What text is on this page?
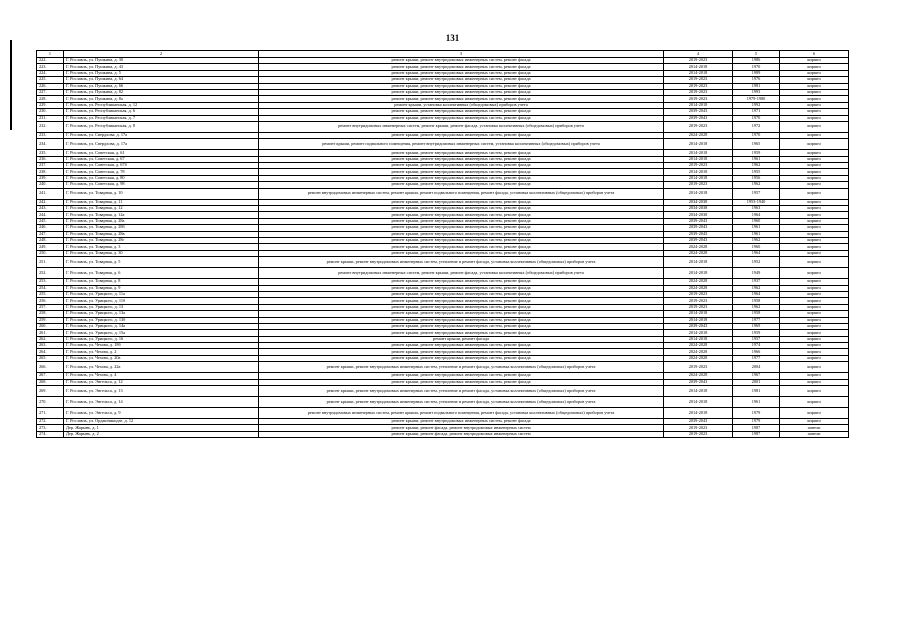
131
1	2	3	4	5	6
222.	Г. Рославль, ул. Пушкина, д. 30	ремонт крыши, ремонт внутридомовых инженерных систем, ремонт фасада	2019-2023	1986	кирпич
223.	Г. Рославль, ул. Пушкина, д. 43	ремонт крыши, ремонт внутридомовых инженерных систем, ремонт фасада	2014-2018	1970	кирпич
224.	Г. Рославль, ул. Пушкина, д. 5	ремонт крыши, ремонт внутридомовых инженерных систем, ремонт фасада	2014-2018	1989	кирпич
225.	Г. Рославль, ул. Пушкина, д. 64	ремонт крыши, ремонт внутридомовых инженерных систем, ремонт фасада	2019-2023	1976	кирпич
226.	Г. Рославль, ул. Пушкина, д. 66	ремонт крыши, ремонт внутридомовых инженерных систем, ремонт фасада	2019-2023	1981	кирпич
227.	Г. Рославль, ул. Пушкина, д. 82	ремонт крыши, ремонт внутридомовых инженерных систем, ремонт фасада	2019-2023	1993	кирпич
228.	Г. Рославль, ул. Пушкина, д. 8а	ремонт крыши, ремонт внутридомовых инженерных систем, ремонт фасада	2019-2023	1979-1980	кирпич
229.	Г. Рославль, ул. Республиканская, д. 12	ремонт крыши, установка коллективных (общедомовых) приборов учета	2014-2018	1992	кирпич
230.	Г. Рославль, ул. Республиканская, д. 6	ремонт крыши, ремонт внутридомовых инженерных систем, ремонт фасада	2039-2043	1971	кирпич
231.	Г. Рославль, ул. Республиканская, д. 7	ремонт крыши, ремонт внутридомовых инженерных систем, ремонт фасада	2039-2043	1970	кирпич
232.	Г. Рославль, ул. Республиканская, д. 8	ремонт внутридомовых инженерных систем, ремонт крыши, ремонт фасада, установка коллективных (общедомовых) приборов учета	2019-2023	1972	кирпич
233.	Г. Рославль, ул. Свердлова, д. 17а	ремонт крыши, ремонт внутридомовых инженерных систем, ремонт фасада	2024-2028	1970	кирпич
234.	Г. Рославль, ул. Свердлова, д. 17а	ремонт крыши, ремонт подвального помещения, ремонт внутридомовых инженерных систем, установка коллективных (общедомовых) приборов учета	2014-2018	1965	кирпич
235.	Г. Рославль, ул. Советская, д. 61	ремонт крыши, ремонт внутридомовых инженерных систем, ремонт фасада	2014-2018	1959	кирпич
236.	Г. Рославль, ул. Советская, д. 67	ремонт крыши, ремонт внутридомовых инженерных систем, ремонт фасада	2014-2018	1961	кирпич
237.	Г. Рославль, ул. Советская, д. 67б	ремонт крыши, ремонт внутридомовых инженерных систем, ремонт фасада	2019-2023	1962	кирпич
238.	Г. Рославль, ул. Советская, д. 78	ремонт крыши, ремонт внутридомовых инженерных систем, ремонт фасада	2014-2018	1955	кирпич
239.	Г. Рославль, ул. Советская, д. 80	ремонт крыши, ремонт внутридомовых инженерных систем, ремонт фасада	2014-2018	1956	кирпич
240.	Г. Рославль, ул. Советская, д. 98	ремонт крыши, ремонт внутридомовых инженерных систем, ремонт фасада	2019-2023	1962	кирпич
241.	Г. Рославль, ул. Товарная, д. 10	ремонт внутридомовых инженерных систем, ремонт крыши, ремонт подвального помещения, ремонт фасада, установка коллективных (общедомовых) приборов учета	2014-2018	1957	кирпич
242.	Г. Рославль, ул. Товарная, д. 11	ремонт крыши, ремонт внутридомовых инженерных систем, ремонт фасада	2034-2038	1953-1940	кирпич
243.	Г. Рославль, ул. Товарная, д. 12	ремонт крыши, ремонт внутридомовых инженерных систем, ремонт фасада	2034-2038	1963	кирпич
244.	Г. Рославль, ул. Товарная, д. 12а	ремонт крыши, ремонт внутридомовых инженерных систем, ремонт фасада	2034-2038	1964	кирпич
245.	Г. Рославль, ул. Товарная, д. 28а	ремонт крыши, ремонт внутридомовых инженерных систем, ремонт фасада	2039-2043	1960	кирпич
246.	Г. Рославль, ул. Товарная, д. 28б	ремонт крыши, ремонт внутридомовых инженерных систем, ремонт фасада	2039-2043	1961	кирпич
247.	Г. Рославль, ул. Товарная, д. 28в	ремонт крыши, ремонт внутридомовых инженерных систем, ремонт фасада	2039-2043	1961	кирпич
248.	Г. Рославль, ул. Товарная, д. 28г	ремонт крыши, ремонт внутридомовых инженерных систем, ремонт фасада	2039-2043	1962	кирпич
249.	Г. Рославль, ул. Товарная, д. 3	ремонт крыши, ремонт внутридомовых инженерных систем, ремонт фасада	2024-2028	1960	кирпич
250.	Г. Рославль, ул. Товарная, д. 30	ремонт крыши, ремонт внутридомовых инженерных систем, ремонт фасада	2024-2028	1964	кирпич
251.	Г. Рославль, ул. Товарная, д. 5	ремонт крыши, ремонт внутридомовых инженерных систем, утепление и ремонт фасада, установка коллективных (общедомовых) приборов учета	2014-2018	1952	кирпич
252.	Г. Рославль, ул. Товарная, д. 6	ремонт внутридомовых инженерных систем, ремонт крыши, ремонт фасада, установка коллективных (общедомовых) приборов учета	2014-2018	1949	кирпич
253.	Г. Рославль, ул. Товарная, д. 8	ремонт крыши, ремонт внутридомовых инженерных систем, ремонт фасада	2024-2028	1937	кирпич
254.	Г. Рославль, ул. Товарная, д. 9	ремонт крыши, ремонт внутридомовых инженерных систем, ремонт фасада	2024-2028	1962	кирпич
255.	Г. Рославль, ул. Урицкого, д. 11а	ремонт крыши, ремонт внутридомовых инженерных систем, ремонт фасада	2019-2023	1964	кирпич
256.	Г. Рославль, ул. Урицкого, д. 11б	ремонт крыши, ремонт внутридомовых инженерных систем, ремонт фасада	2019-2023	1958	кирпич
257.	Г. Рославль, ул. Урицкого, д. 13	ремонт крыши, ремонт внутридомовых инженерных систем, ремонт фасада	2019-2023	1962	кирпич
258.	Г. Рославль, ул. Урицкого, д. 13а	ремонт крыши, ремонт внутридомовых инженерных систем, ремонт фасада	2014-2018	1958	кирпич
259.	Г. Рославль, ул. Урицкого, д. 13б	ремонт крыши, ремонт внутридомовых инженерных систем, ремонт фасада	2014-2018	1977	кирпич
260.	Г. Рославль, ул. Урицкого, д. 14а	ремонт крыши, ремонт внутридомовых инженерных систем, ремонт фасада	2039-2043	1969	кирпич
261.	Г. Рославль, ул. Урицкого, д. 15а	ремонт крыши, ремонт внутридомовых инженерных систем, ремонт фасада	2014-2018	1959	кирпич
262.	Г. Рославль, ул. Урицкого, д. 16	ремонт крыши, ремонт фасада	2014-2018	1957	кирпич
263.	Г. Рославль, ул. Чехова, д. 18б	ремонт крыши, ремонт внутридомовых инженерных систем, ремонт фасада	2024-2028	1974	кирпич
264.	Г. Рославль, ул. Чехова, д. 2	ремонт крыши, ремонт внутридомовых инженерных систем, ремонт фасада	2024-2028	1966	кирпич
265.	Г. Рославль, ул. Чехова, д. 20а	ремонт крыши, ремонт внутридомовых инженерных систем, ремонт фасада	2024-2028	1977	кирпич
266.	Г. Рославль, ул. Чехова, д. 22а	ремонт крыши, ремонт внутридомовых инженерных систем, утепление и ремонт фасада, установка коллективных (общедомовых) приборов учета	2019-2023	2004	кирпич
267.	Г. Рославль, ул. Чехова, д. 4	ремонт крыши, ремонт внутридомовых инженерных систем, ремонт фасада	2024-2028	1967	кирпич
268.	Г. Рославль, ул. Энгельса, д. 12	ремонт крыши, ремонт внутридомовых инженерных систем, ремонт фасада	2039-2043	2001	кирпич
269.	Г. Рославль, ул. Энгельса, д. 13	ремонт крыши, ремонт внутридомовых инженерных систем, утепление и ремонт фасада, установка коллективных (общедомовых) приборов учета	2014-2018	1981	кирпич
270.	Г. Рославль, ул. Энгельса, д. 14	ремонт крыши, ремонт внутридомовых инженерных систем, утепление и ремонт фасада, установка коллективных (общедомовых) приборов учета	2014-2018	1961	кирпич
271.	Г. Рославль, ул. Энгельса, д. 9	ремонт внутридомовых инженерных систем, ремонт крыши, ремонт подвального помещения, ремонт фасада, установка коллективных (общедомовых) приборов учета	2014-2018	1979	кирпич
272.	Г. Рославль, ул. Орджоникидзе, д. 12	ремонт крыши, ремонт внутридомовых инженерных систем, ремонт фасада	2039-2043	1979	кирпич
273.	Дер. Жарынь, д. 1	ремонт крыши, ремонт фасада, ремонт внутридомовых инженерных систем	2019-2023	1987	панели
274.	Дер. Жарынь, д. 2	ремонт крыши, ремонт фасада, ремонт внутридомовых инженерных систем	2019-2023	1987	панели
